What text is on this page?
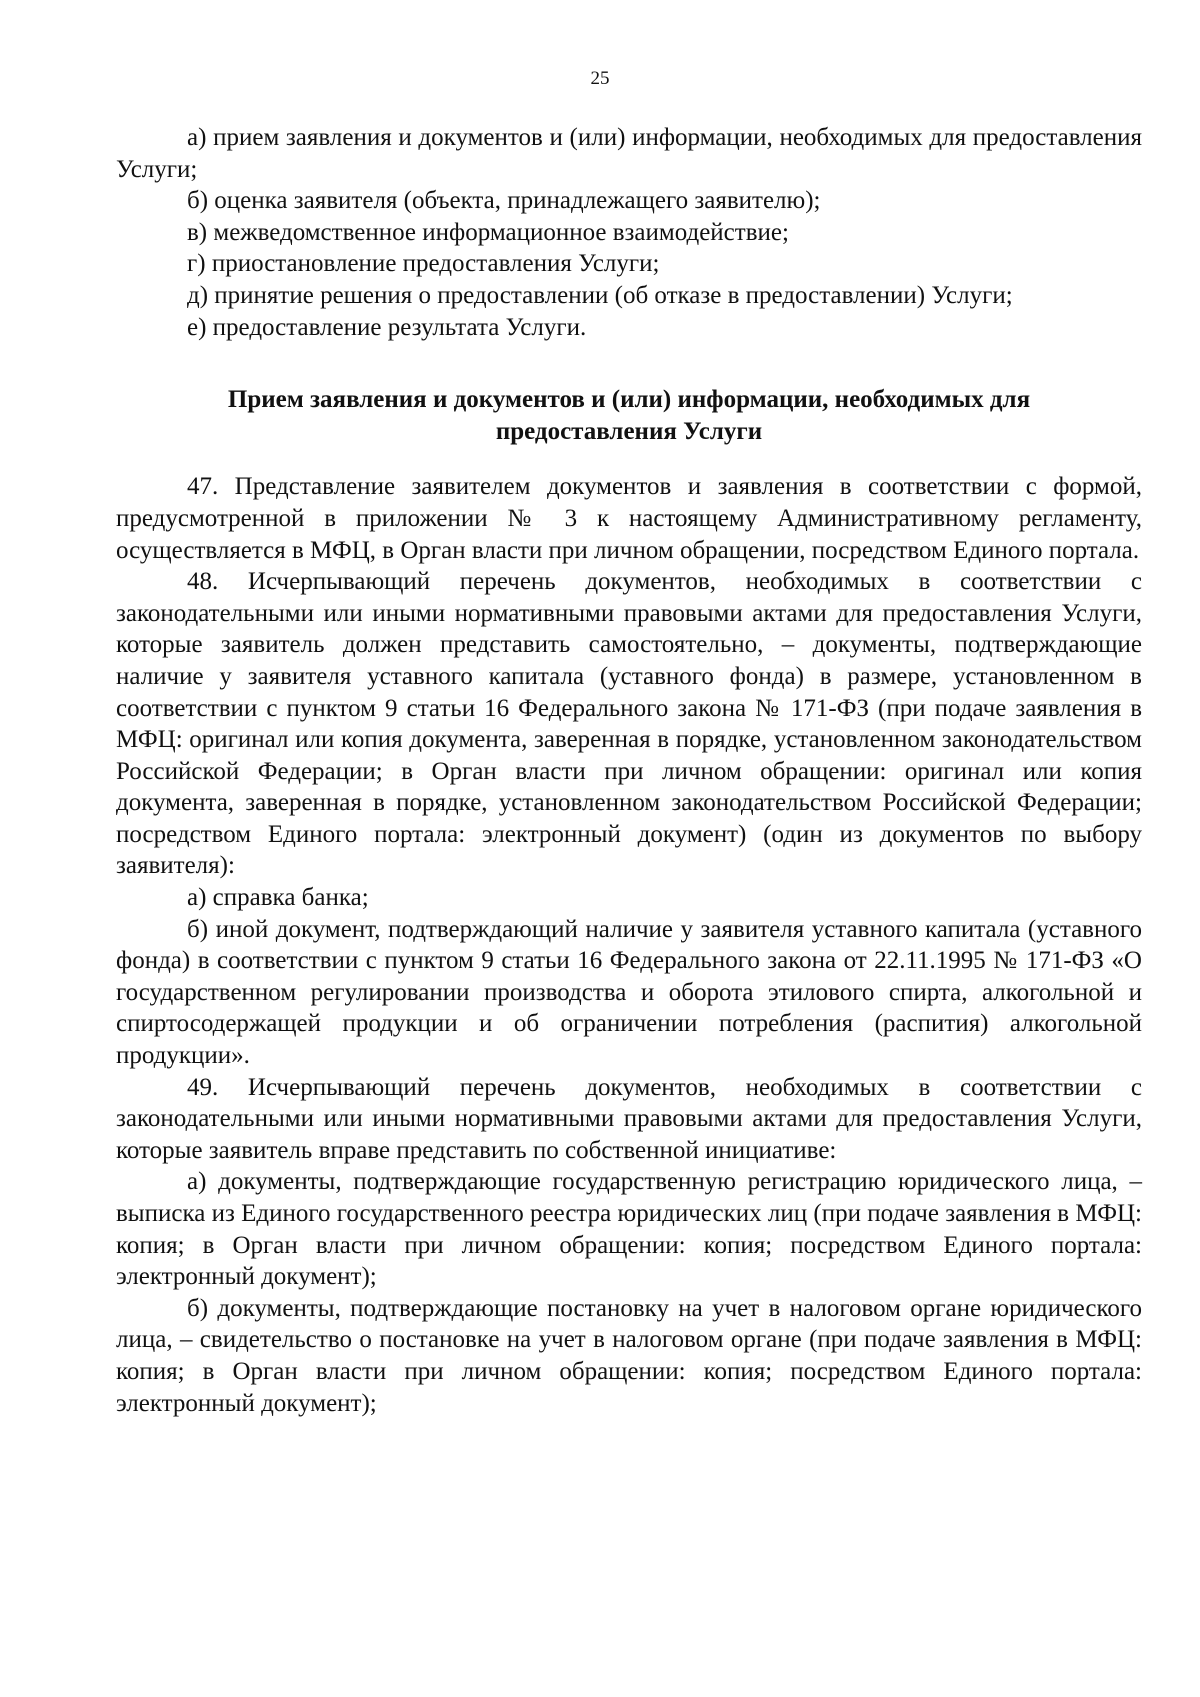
25

а) прием заявления и документов и (или) информации, необходимых для предоставления Услуги;

б) оценка заявителя (объекта, принадлежащего заявителю);

в) межведомственное информационное взаимодействие;

г) приостановление предоставления Услуги;

д) принятие решения о предоставлении (об отказе в предоставлении) Услуги;

е) предоставление результата Услуги.

Прием заявления и документов и (или) информации, необходимых для
предоставления Услуги

47. Представление заявителем документов и заявления в соответствии с формой, предусмотренной в приложении № 3 к настоящему Административному регламенту, осуществляется в МФЦ, в Орган власти при личном обращении, посредством Единого портала.

48. Исчерпывающий перечень документов, необходимых в соответствии с законодательными или иными нормативными правовыми актами для предоставления Услуги, которые заявитель должен представить самостоятельно, – документы, подтверждающие наличие у заявителя уставного капитала (уставного фонда) в размере, установленном в соответствии с пунктом 9 статьи 16 Федерального закона № 171-ФЗ (при подаче заявления в МФЦ: оригинал или копия документа, заверенная в порядке, установленном законодательством Российской Федерации; в Орган власти при личном обращении: оригинал или копия документа, заверенная в порядке, установленном законодательством Российской Федерации; посредством Единого портала: электронный документ) (один из документов по выбору заявителя):

а) справка банка;

б) иной документ, подтверждающий наличие у заявителя уставного капитала (уставного фонда) в соответствии с пунктом 9 статьи 16 Федерального закона от 22.11.1995 № 171-ФЗ «О государственном регулировании производства и оборота этилового спирта, алкогольной и спиртосодержащей продукции и об ограничении потребления (распития) алкогольной продукции».

49. Исчерпывающий перечень документов, необходимых в соответствии с законодательными или иными нормативными правовыми актами для предоставления Услуги, которые заявитель вправе представить по собственной инициативе:

а) документы, подтверждающие государственную регистрацию юридического лица, – выписка из Единого государственного реестра юридических лиц (при подаче заявления в МФЦ: копия; в Орган власти при личном обращении: копия; посредством Единого портала: электронный документ);

б) документы, подтверждающие постановку на учет в налоговом органе юридического лица, – свидетельство о постановке на учет в налоговом органе (при подаче заявления в МФЦ: копия; в Орган власти при личном обращении: копия; посредством Единого портала: электронный документ);
